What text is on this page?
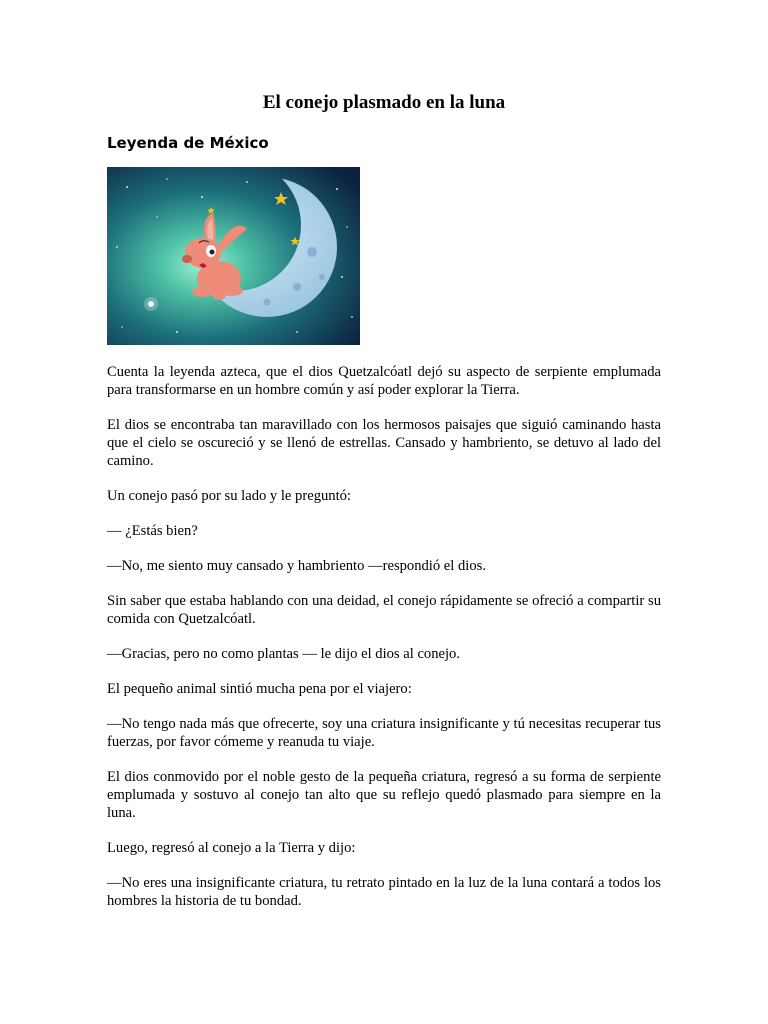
El conejo plasmado en la luna
Leyenda de México

Cuenta la leyenda azteca, que el dios Quetzalcóatl dejó su aspecto de serpiente emplumada para transformarse en un hombre común y así poder explorar la Tierra.

El dios se encontraba tan maravillado con los hermosos paisajes que siguió caminando hasta que el cielo se oscureció y se llenó de estrellas. Cansado y hambriento, se detuvo al lado del camino.

Un conejo pasó por su lado y le preguntó:

— ¿Estás bien?

—No, me siento muy cansado y hambriento —respondió el dios.

Sin saber que estaba hablando con una deidad, el conejo rápidamente se ofreció a compartir su comida con Quetzalcóatl.

—Gracias, pero no como plantas — le dijo el dios al conejo.

El pequeño animal sintió mucha pena por el viajero:

—No tengo nada más que ofrecerte, soy una criatura insignificante y tú necesitas recuperar tus fuerzas, por favor cómeme y reanuda tu viaje.

El dios conmovido por el noble gesto de la pequeña criatura, regresó a su forma de serpiente emplumada y sostuvo al conejo tan alto que su reflejo quedó plasmado para siempre en la luna.

Luego, regresó al conejo a la Tierra y dijo:

—No eres una insignificante criatura, tu retrato pintado en la luz de la luna contará a todos los hombres la historia de tu bondad.
